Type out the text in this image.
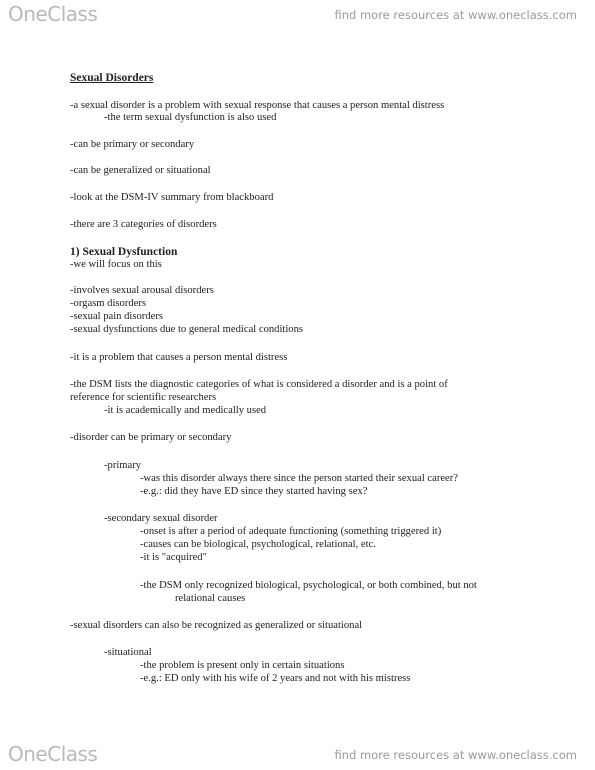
OneClass	find more resources at www.oneclass.com
Sexual Disorders
-a sexual disorder is a problem with sexual response that causes a person mental distress
-the term sexual dysfunction is also used
-can be primary or secondary
-can be generalized or situational
-look at the DSM-IV summary from blackboard
-there are 3 categories of disorders
1) Sexual Dysfunction
-we will focus on this
-involves sexual arousal disorders
-orgasm disorders
-sexual pain disorders
-sexual dysfunctions due to general medical conditions
-it is a problem that causes a person mental distress
-the DSM lists the diagnostic categories of what is considered a disorder and is a point of
reference for scientific researchers
-it is academically and medically used
-disorder can be primary or secondary
-primary
-was this disorder always there since the person started their sexual career?
-e.g.: did they have ED since they started having sex?
-secondary sexual disorder
-onset is after a period of adequate functioning (something triggered it)
-causes can be biological, psychological, relational, etc.
-it is "acquired"
-the DSM only recognized biological, psychological, or both combined, but not
relational causes
-sexual disorders can also be recognized as generalized or situational
-situational
-the problem is present only in certain situations
-e.g.: ED only with his wife of 2 years and not with his mistress
OneClass	find more resources at www.oneclass.com
